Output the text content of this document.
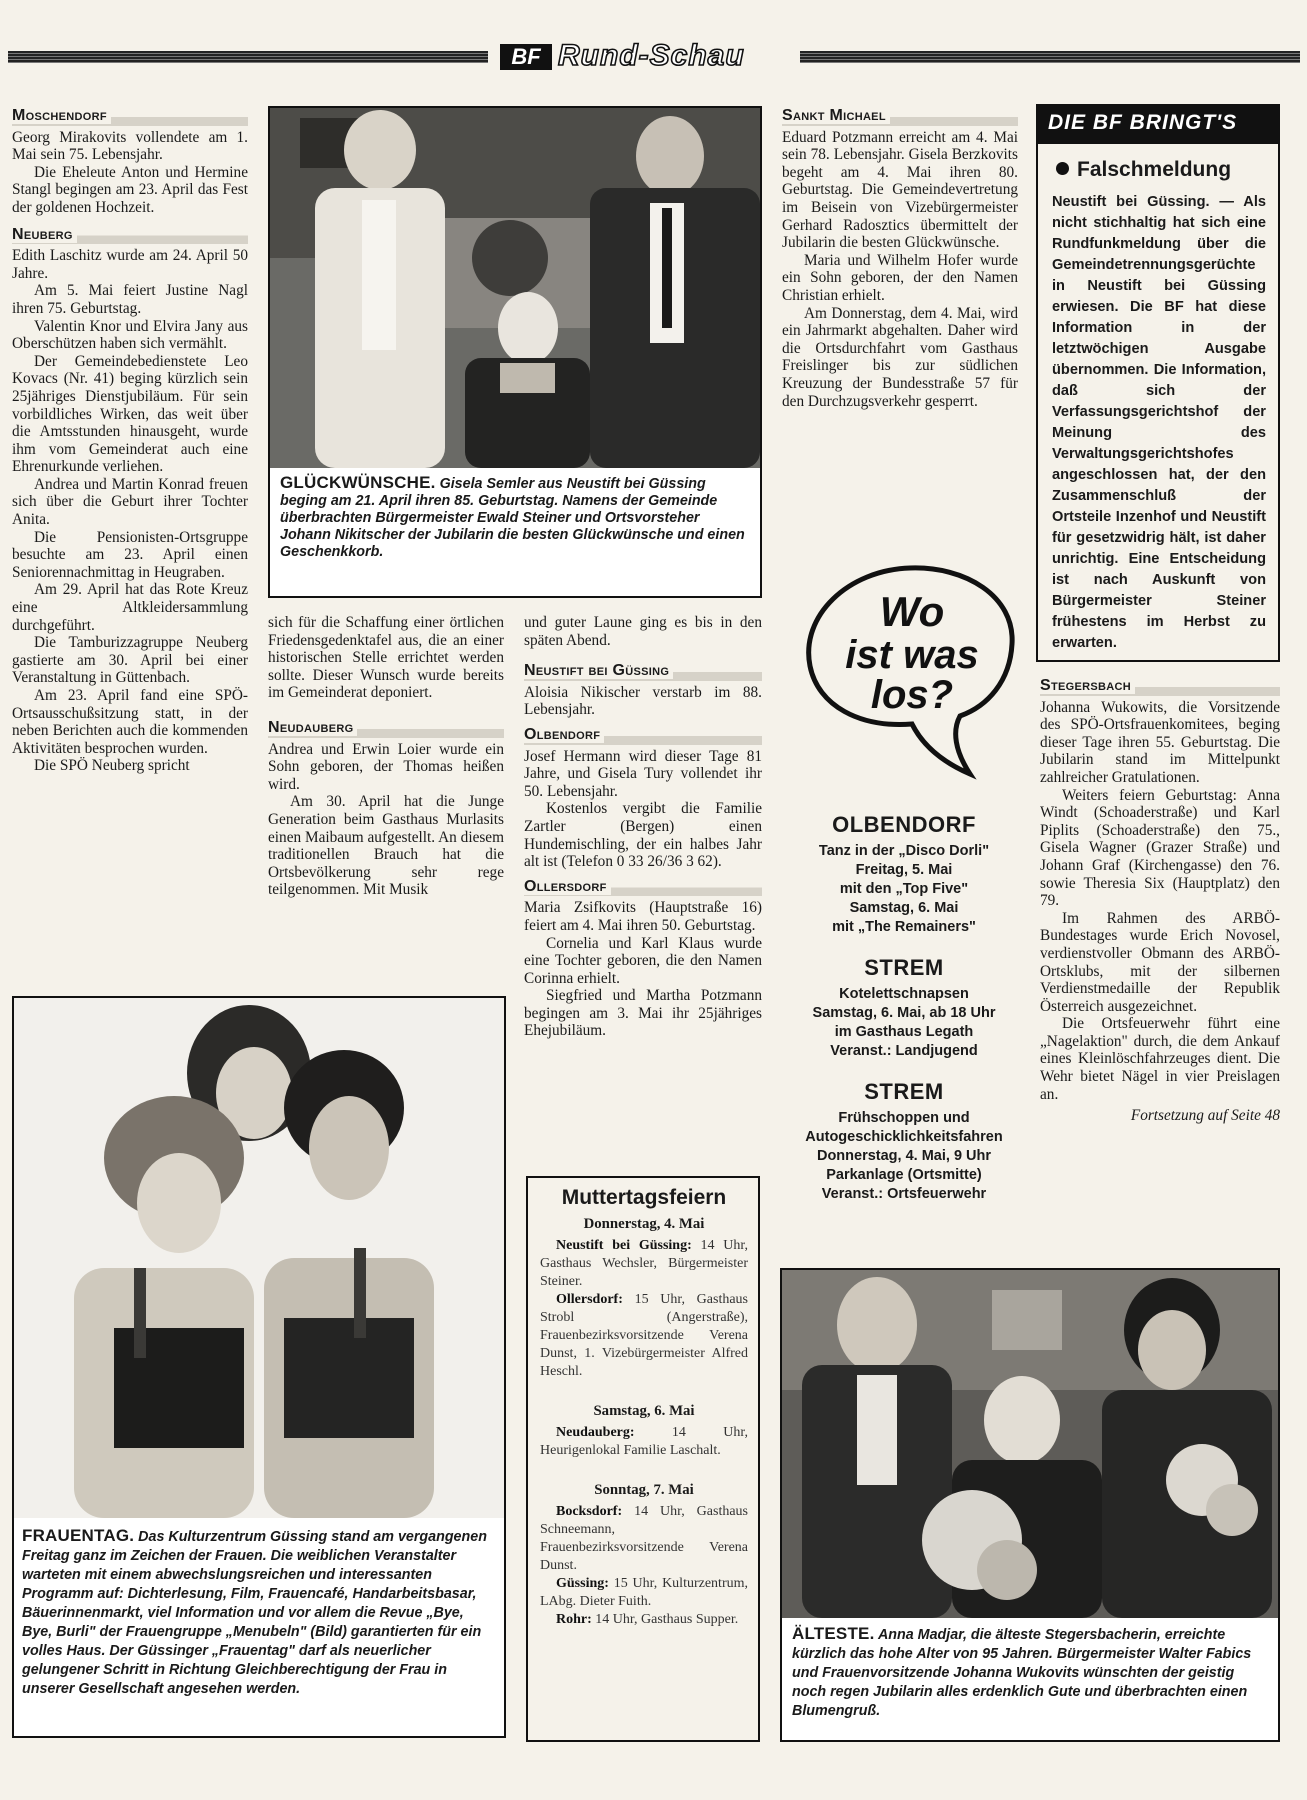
BF Rund-Schau
Moschendorf

Georg Mirakovits vollendete am 1. Mai sein 75. Lebensjahr.

Die Eheleute Anton und Hermine Stangl begingen am 23. April das Fest der goldenen Hochzeit.

Neuberg

Edith Laschitz wurde am 24. April 50 Jahre.

Am 5. Mai feiert Justine Nagl ihren 75. Geburtstag.

Valentin Knor und Elvira Jany aus Oberschützen haben sich vermählt.

Der Gemeindebedienstete Leo Kovacs (Nr. 41) beging kürzlich sein 25jähriges Dienstjubiläum. Für sein vorbildliches Wirken, das weit über die Amtsstunden hinausgeht, wurde ihm vom Gemeinderat auch eine Ehrenurkunde verliehen.

Andrea und Martin Konrad freuen sich über die Geburt ihrer Tochter Anita.

Die Pensionisten-Ortsgruppe besuchte am 23. April einen Seniorennachmittag in Heugraben.

Am 29. April hat das Rote Kreuz eine Altkleidersammlung durchgeführt.

Die Tamburizzagruppe Neuberg gastierte am 30. April bei einer Veranstaltung in Güttenbach.

Am 23. April fand eine SPÖ-Ortsausschußsitzung statt, in der neben Berichten auch die kommenden Aktivitäten besprochen wurden.

Die SPÖ Neuberg spricht

GLÜCKWÜNSCHE. Gisela Semler aus Neustift bei Güssing beging am 21. April ihren 85. Geburtstag. Namens der Gemeinde überbrachten Bürgermeister Ewald Steiner und Ortsvorsteher Johann Nikitscher der Jubilarin die besten Glückwünsche und einen Geschenkkorb.

sich für die Schaffung einer örtlichen Friedensgedenktafel aus, die an einer historischen Stelle errichtet werden sollte. Dieser Wunsch wurde bereits im Gemeinderat deponiert.

Neudauberg

Andrea und Erwin Loier wurde ein Sohn geboren, der Thomas heißen wird.

Am 30. April hat die Junge Generation beim Gasthaus Murlasits einen Maibaum aufgestellt. An diesem traditionellen Brauch hat die Ortsbevölkerung sehr rege teilgenommen. Mit Musik

und guter Laune ging es bis in den späten Abend.

Neustift bei Güssing

Aloisia Nikischer verstarb im 88. Lebensjahr.

Olbendorf

Josef Hermann wird dieser Tage 81 Jahre, und Gisela Tury vollendet ihr 50. Lebensjahr.

Kostenlos vergibt die Familie Zartler (Bergen) einen Hundemischling, der ein halbes Jahr alt ist (Telefon 0 33 26/36 3 62).

Ollersdorf

Maria Zsifkovits (Hauptstraße 16) feiert am 4. Mai ihren 50. Geburtstag.

Cornelia und Karl Klaus wurde eine Tochter geboren, die den Namen Corinna erhielt.

Siegfried und Martha Potzmann begingen am 3. Mai ihr 25jähriges Ehejubiläum.

Sankt Michael

Eduard Potzmann erreicht am 4. Mai sein 78. Lebensjahr. Gisela Berzkovits begeht am 4. Mai ihren 80. Geburtstag. Die Gemeindevertretung im Beisein von Vizebürgermeister Gerhard Radosztics übermittelt der Jubilarin die besten Glückwünsche.

Maria und Wilhelm Hofer wurde ein Sohn geboren, der den Namen Christian erhielt.

Am Donnerstag, dem 4. Mai, wird ein Jahrmarkt abgehalten. Daher wird die Ortsdurchfahrt vom Gasthaus Freislinger bis zur südlichen Kreuzung der Bundesstraße 57 für den Durchzugsverkehr gesperrt.

DIE BF BRINGT'S
Falschmeldung
Neustift bei Güssing. — Als nicht stichhaltig hat sich eine Rundfunkmeldung über die Gemeindetrennungsgerüchte in Neustift bei Güssing erwiesen. Die BF hat diese Information in der letztwöchigen Ausgabe übernommen. Die Information, daß sich der Verfassungsgerichtshof der Meinung des Verwaltungsgerichtshofes angeschlossen hat, der den Zusammenschluß der Ortsteile Inzenhof und Neustift für gesetzwidrig hält, ist daher unrichtig. Eine Entscheidung ist nach Auskunft von Bürgermeister Steiner frühestens im Herbst zu erwarten.
Wo
ist was
los?
OLBENDORF
Tanz in der „Disco Dorli"
Freitag, 5. Mai
mit den „Top Five"
Samstag, 6. Mai
mit „The Remainers"
STREM
Kotelettschnapsen
Samstag, 6. Mai, ab 18 Uhr
im Gasthaus Legath
Veranst.: Landjugend
STREM
Frühschoppen und
Autogeschicklichkeitsfahren
Donnerstag, 4. Mai, 9 Uhr
Parkanlage (Ortsmitte)
Veranst.: Ortsfeuerwehr
Stegersbach

Johanna Wukowits, die Vorsitzende des SPÖ-Ortsfrauenkomitees, beging dieser Tage ihren 55. Geburtstag. Die Jubilarin stand im Mittelpunkt zahlreicher Gratulationen.

Weiters feiern Geburtstag: Anna Windt (Schoaderstraße) und Karl Piplits (Schoaderstraße) den 75., Gisela Wagner (Grazer Straße) und Johann Graf (Kirchengasse) den 76. sowie Theresia Six (Hauptplatz) den 79.

Im Rahmen des ARBÖ-Bundestages wurde Erich Novosel, verdienstvoller Obmann des ARBÖ-Ortsklubs, mit der silbernen Verdienstmedaille der Republik Österreich ausgezeichnet.

Die Ortsfeuerwehr führt eine „Nagelaktion" durch, die dem Ankauf eines Kleinlöschfahrzeuges dient. Die Wehr bietet Nägel in vier Preislagen an.

Fortsetzung auf Seite 48
FRAUENTAG. Das Kulturzentrum Güssing stand am vergangenen Freitag ganz im Zeichen der Frauen. Die weiblichen Veranstalter warteten mit einem abwechslungsreichen und interessanten Programm auf: Dichterlesung, Film, Frauencafé, Handarbeitsbasar, Bäuerinnenmarkt, viel Information und vor allem die Revue „Bye, Bye, Burli" der Frauengruppe „Menubeln" (Bild) garantierten für ein volles Haus. Der Güssinger „Frauentag" darf als neuerlicher gelungener Schritt in Richtung Gleichberechtigung der Frau in unserer Gesellschaft angesehen werden.
Muttertagsfeiern
Donnerstag, 4. Mai
Neustift bei Güssing: 14 Uhr, Gasthaus Wechsler, Bürgermeister Steiner.
Ollersdorf: 15 Uhr, Gasthaus Strobl (Angerstraße), Frauenbezirksvorsitzende Verena Dunst, 1. Vizebürgermeister Alfred Heschl.
Samstag, 6. Mai
Neudauberg:	14 Uhr, Heurigenlokal Familie Laschalt.
Sonntag, 7. Mai
Bocksdorf: 14 Uhr, Gasthaus Schneemann, Frauenbezirksvorsitzende Verena Dunst.
Güssing: 15 Uhr, Kulturzentrum, LAbg. Dieter Fuith.
Rohr: 14 Uhr, Gasthaus Supper.
ÄLTESTE. Anna Madjar, die älteste Stegersbacherin, erreichte kürzlich das hohe Alter von 95 Jahren. Bürgermeister Walter Fabics und Frauenvorsitzende Johanna Wukovits wünschten der geistig noch regen Jubilarin alles erdenklich Gute und überbrachten einen Blumengruß.
